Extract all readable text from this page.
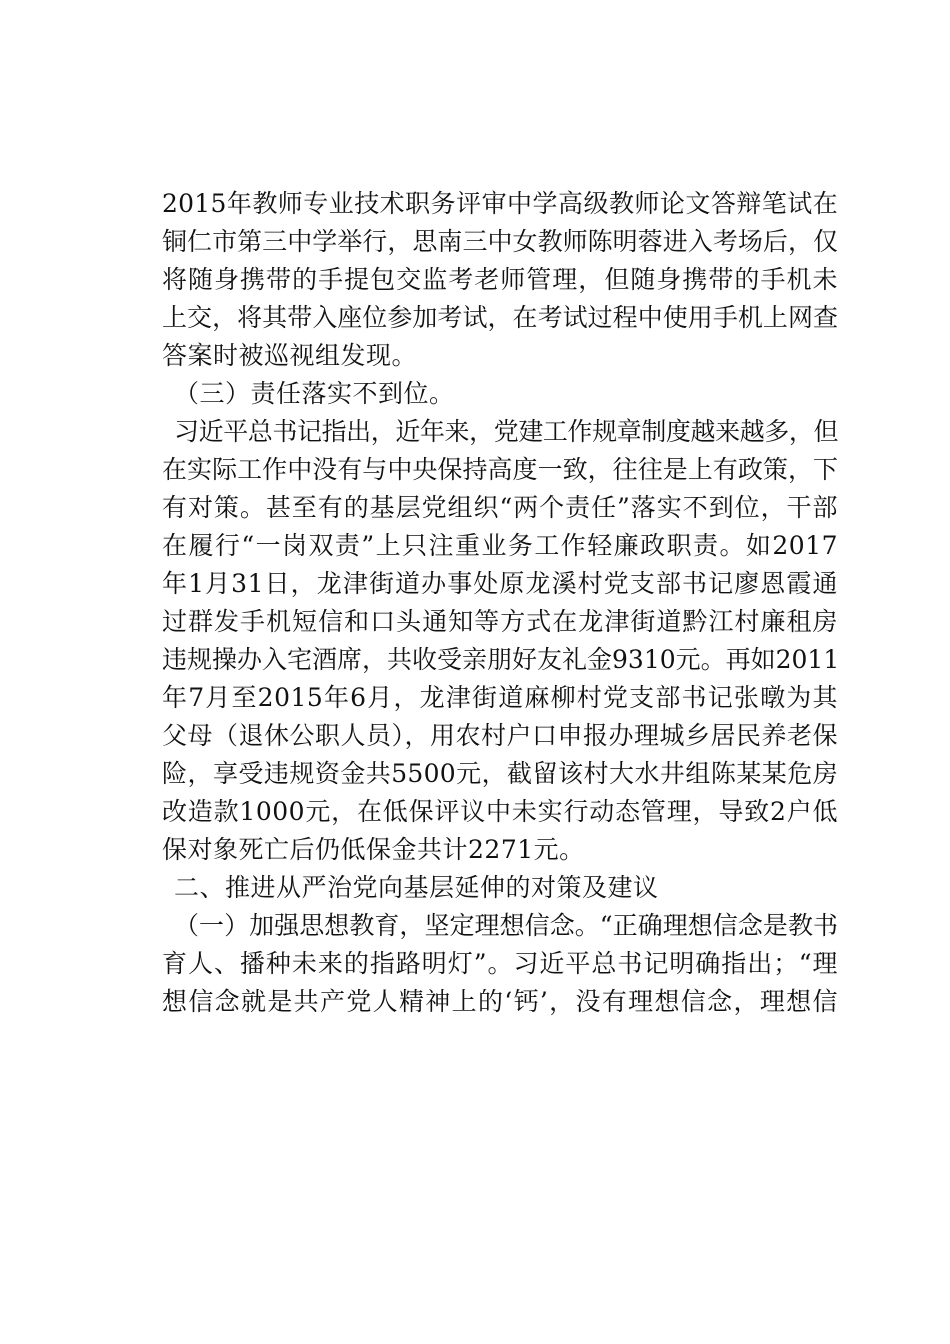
2015年教师专业技术职务评审中学高级教师论文答辩笔试在
铜仁市第三中学举行，思南三中女教师陈明蓉进入考场后，仅
将随身携带的手提包交监考老师管理，但随身携带的手机未
上交，将其带入座位参加考试，在考试过程中使用手机上网查
答案时被巡视组发现。
（三）责任落实不到位。
习近平总书记指出，近年来，党建工作规章制度越来越多，但
在实际工作中没有与中央保持高度一致，往往是上有政策，下
有对策。甚至有的基层党组织“两个责任”落实不到位，干部
在履行“一岗双责”上只注重业务工作轻廉政职责。如2017
年1月31日，龙津街道办事处原龙溪村党支部书记廖恩霞通
过群发手机短信和口头通知等方式在龙津街道黔江村廉租房
违规操办入宅酒席，共收受亲朋好友礼金9310元。再如2011
年7月至2015年6月，龙津街道麻柳村党支部书记张暾为其
父母（退休公职人员），用农村户口申报办理城乡居民养老保
险，享受违规资金共5500元，截留该村大水井组陈某某危房
改造款1000元，在低保评议中未实行动态管理，导致2户低
保对象死亡后仍低保金共计2271元。
二、推进从严治党向基层延伸的对策及建议
（一）加强思想教育，坚定理想信念。“正确理想信念是教书
育人、播种未来的指路明灯”。习近平总书记明确指出；“理
想信念就是共产党人精神上的‘钙’，没有理想信念，理想信
